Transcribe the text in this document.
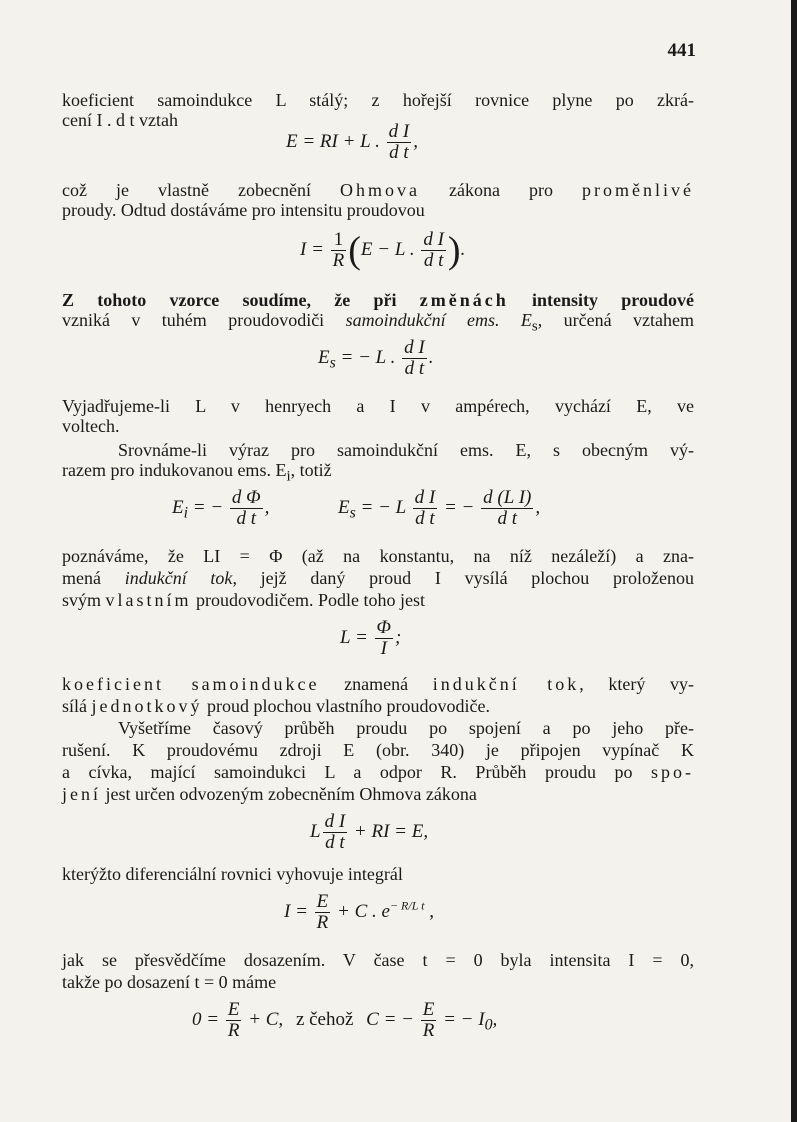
441
koeficient samoindukce L stálý; z hořejší rovnice plyne po zkrá-
cení I . d t vztah
E = RI + L . $\frac{\text{d I}}{\text{d t}}$ ,
což je vlastně zobecnění Ohmova zákona pro proměnlivé
proudy. Odtud dostáváme pro intensitu proudovou
$I = \frac{1}{R} (E - L$ . $\frac{\text{d I}}{\text{d t}}$ ).
Z tohoto vzorce soudíme, že při změnách intensity proudové
vzniká v tuhém proudovodiči samoindukční ems. $E_s$, určená vztahem
$E_s$ = − L . $\frac{\text{d I}}{\text{d t}}$ .
Vyjadřujeme-li L v henryech a I v ampérech, vychází E, ve
voltech.
Srovnáme-li výraz pro samoindukční ems. E, s obecným vý-
razem pro indukovanou ems. $E_i$, totiž
$E_i$ = − $\frac{\text{d Φ}}{\text{d t}}$ ,	$E_s$ = − L $\frac{\text{d I}}{\text{d t}}$ = − $\frac{\text{d (L I)}}{\text{d t}}$ ,
poznáváme, že LI = Φ (až na konstantu, na níž nezáleží) a zna-
mená indukční tok, jejž daný proud I vysílá plochou proloženou
svým vlastním proudovodičem. Podle toho jest
$L = \frac{\Phi}{I}$ ;
koeficient samoindukce znamená indukční tok, který vy-
sílá jednotkový proud plochou vlastního proudovodiče.
Vyšetříme časový průběh proudu po spojení a po jeho pře-
rušení. K proudovému zdroji E (obr. 340) je připojen vypínač K
a cívka, mající samoindukci L a odpor R. Průběh proudu po spo-
jení jest určen odvozeným zobecněním Ohmova zákona
L $\frac{\text{d I}}{\text{d t}}$ + RI = E,
kterýžto diferenciální rovnici vyhovuje integrál
$I = \frac{E}{R} + C$ . $e^{- R/L t}$ ,
jak se přesvědčíme dosazením. V čase t = 0 byla intensita I = 0,
takže po dosazení t = 0 máme
$0 = \frac{E}{R} + C$, z čehož C = − $\frac{E}{R}$ = − $I_0$,
